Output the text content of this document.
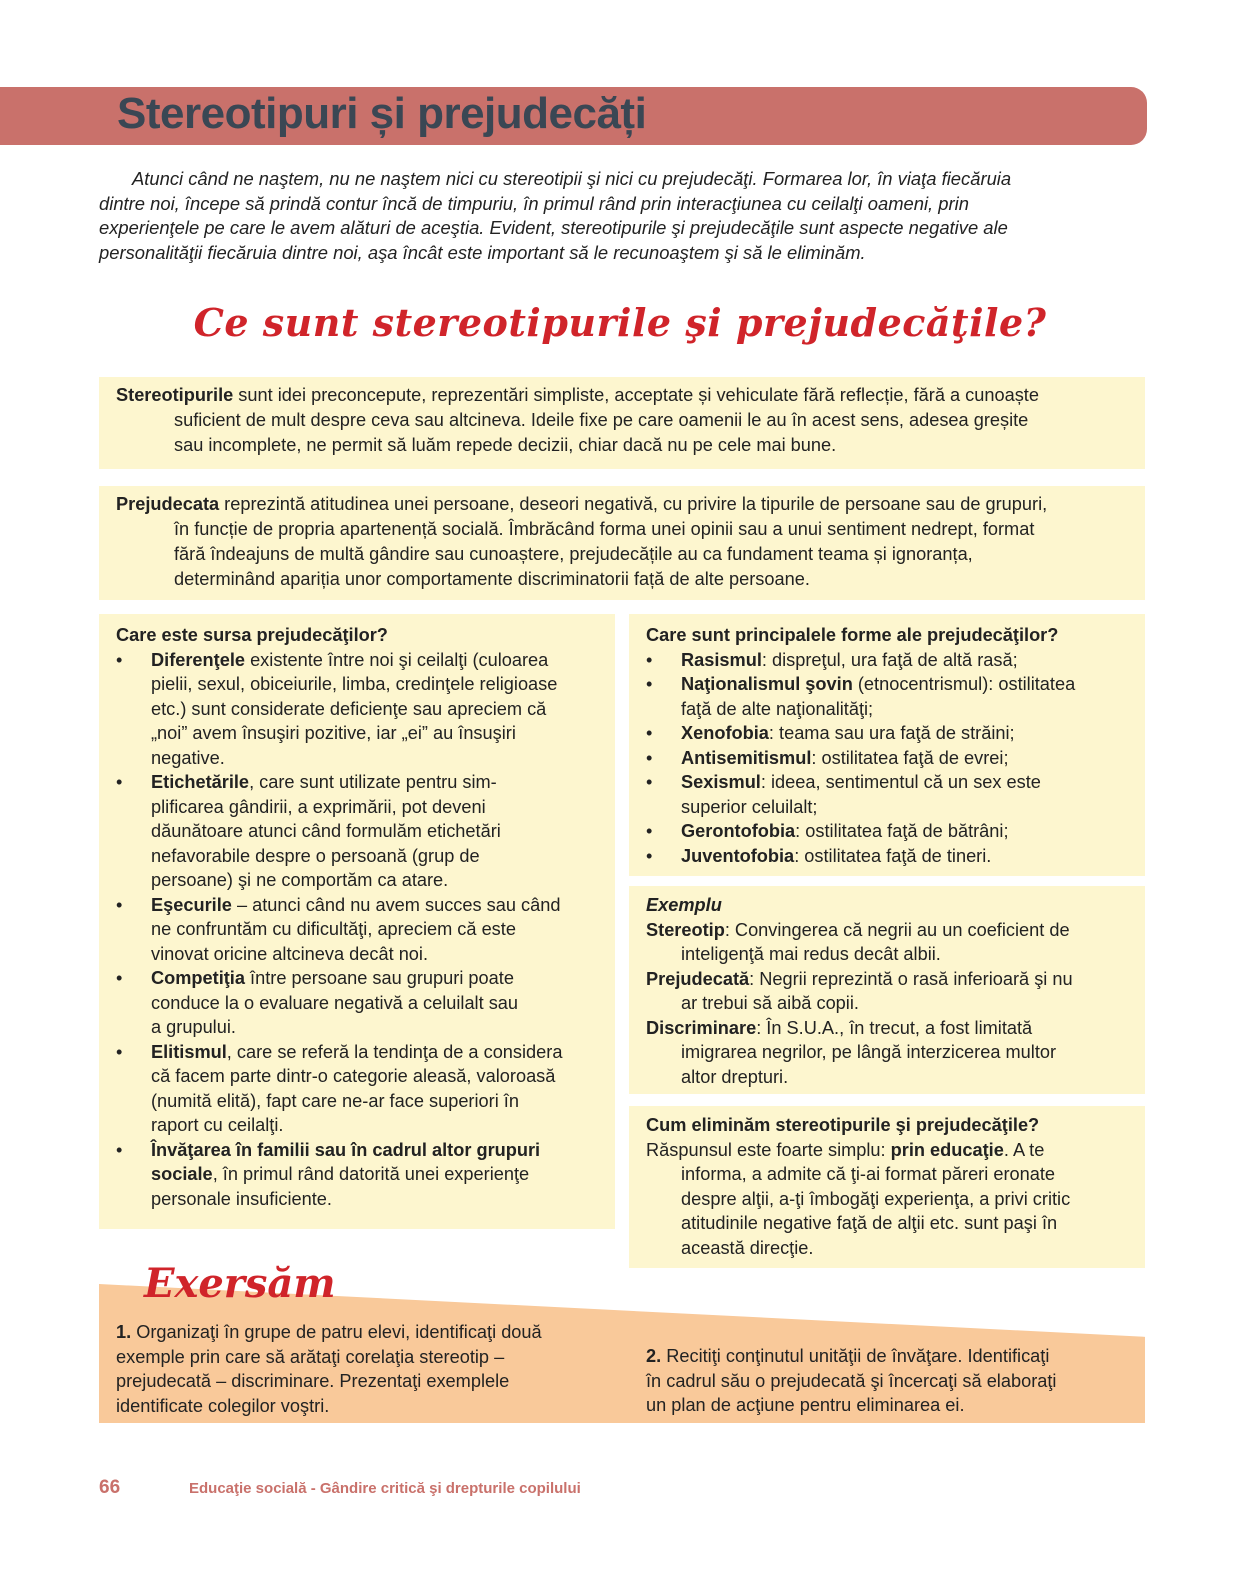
Stereotipuri și prejudecăți
Atunci când ne naştem, nu ne naştem nici cu stereotipii şi nici cu prejudecăţi. Formarea lor, în viaţa fiecăruia
dintre noi, începe să prindă contur încă de timpuriu, în primul rând prin interacţiunea cu ceilalţi oameni, prin
experienţele pe care le avem alături de aceştia. Evident, stereotipurile şi prejudecăţile sunt aspecte negative ale
personalităţii fiecăruia dintre noi, aşa încât este important să le recunoaştem şi să le eliminăm.
Ce sunt stereotipurile şi prejudecăţile?
Stereotipurile sunt idei preconcepute, reprezentări simpliste, acceptate și vehiculate fără reflecție, fără a cunoaște
suficient de mult despre ceva sau altcineva. Ideile fixe pe care oamenii le au în acest sens, adesea greșite
sau incomplete, ne permit să luăm repede decizii, chiar dacă nu pe cele mai bune.
Prejudecata reprezintă atitudinea unei persoane, deseori negativă, cu privire la tipurile de persoane sau de grupuri,
în funcție de propria apartenență socială. Îmbrăcând forma unei opinii sau a unui sentiment nedrept, format
fără îndeajuns de multă gândire sau cunoaștere, prejudecățile au ca fundament teama și ignoranța,
determinând apariția unor comportamente discriminatorii față de alte persoane.
Care este sursa prejudecăţilor?
• Diferenţele existente între noi şi ceilalţi (culoarea
pielii, sexul, obiceiurile, limba, credinţele religioase
etc.) sunt considerate deficienţe sau apreciem că
„noi” avem însuşiri pozitive, iar „ei” au însuşiri
negative.
• Etichetările, care sunt utilizate pentru sim-
plificarea gândirii, a exprimării, pot deveni
dăunătoare atunci când formulăm etichetări
nefavorabile despre o persoană (grup de
persoane) şi ne comportăm ca atare.
• Eşecurile – atunci când nu avem succes sau când
ne confruntăm cu dificultăţi, apreciem că este
vinovat oricine altcineva decât noi.
• Competiţia între persoane sau grupuri poate
conduce la o evaluare negativă a celuilalt sau
a grupului.
• Elitismul, care se referă la tendinţa de a considera
că facem parte dintr-o categorie aleasă, valoroasă
(numită elită), fapt care ne-ar face superiori în
raport cu ceilalţi.
• Învăţarea în familii sau în cadrul altor grupuri
sociale, în primul rând datorită unei experienţe
personale insuficiente.
Care sunt principalele forme ale prejudecăţilor?
• Rasismul: dispreţul, ura faţă de altă rasă;
• Naţionalismul şovin (etnocentrismul): ostilitatea
faţă de alte naţionalităţi;
• Xenofobia: teama sau ura faţă de străini;
• Antisemitismul: ostilitatea faţă de evrei;
• Sexismul: ideea, sentimentul că un sex este
superior celuilalt;
• Gerontofobia: ostilitatea faţă de bătrâni;
• Juventofobia: ostilitatea faţă de tineri.
Exemplu
Stereotip: Convingerea că negrii au un coeficient de
inteligenţă mai redus decât albii.
Prejudecată: Negrii reprezintă o rasă inferioară şi nu
ar trebui să aibă copii.
Discriminare: În S.U.A., în trecut, a fost limitată
imigrarea negrilor, pe lângă interzicerea multor
altor drepturi.
Cum eliminăm stereotipurile şi prejudecăţile?
Răspunsul este foarte simplu: prin educaţie. A te
informa, a admite că ţi-ai format păreri eronate
despre alţii, a-ţi îmbogăţi experienţa, a privi critic
atitudinile negative faţă de alţii etc. sunt paşi în
această direcţie.
Exersăm
1. Organizaţi în grupe de patru elevi, identificaţi două
exemple prin care să arătaţi corelaţia stereotip –
prejudecată – discriminare. Prezentaţi exemplele
identificate colegilor voştri.
2. Recitiţi conţinutul unităţii de învăţare. Identificaţi
în cadrul său o prejudecată şi încercaţi să elaboraţi
un plan de acţiune pentru eliminarea ei.
66	Educaţie socială - Gândire critică şi drepturile copilului
